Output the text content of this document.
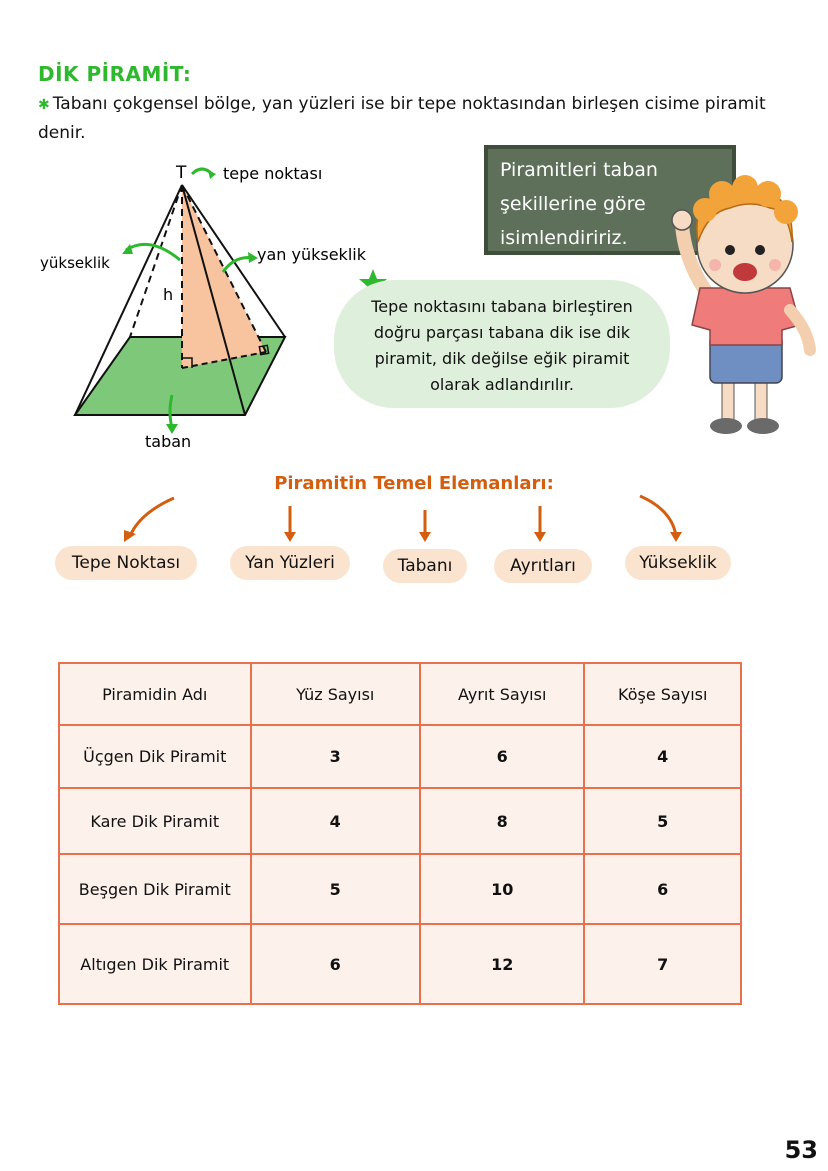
DİK PİRAMİT:
✱ Tabanı çokgensel bölge, yan yüzleri ise bir tepe noktasından birleşen cisime piramit denir.
T tepe noktası
yükseklik
h
yan yükseklik
taban
Piramitleri taban şekillerine göre isimlendiririz.
Tepe noktasını tabana birleştiren doğru parçası tabana dik ise dik piramit, dik değilse eğik piramit olarak adlandırılır.
Piramitin Temel Elemanları:
Tepe Noktası	Yan Yüzleri	Tabanı	Ayrıtları	Yükseklik
Piramidin Adı	Yüz Sayısı	Ayrıt Sayısı	Köşe Sayısı
Üçgen Dik Piramit	3	6	4
Kare Dik Piramit	4	8	5
Beşgen Dik Piramit	5	10	6
Altıgen Dik Piramit	6	12	7
53
